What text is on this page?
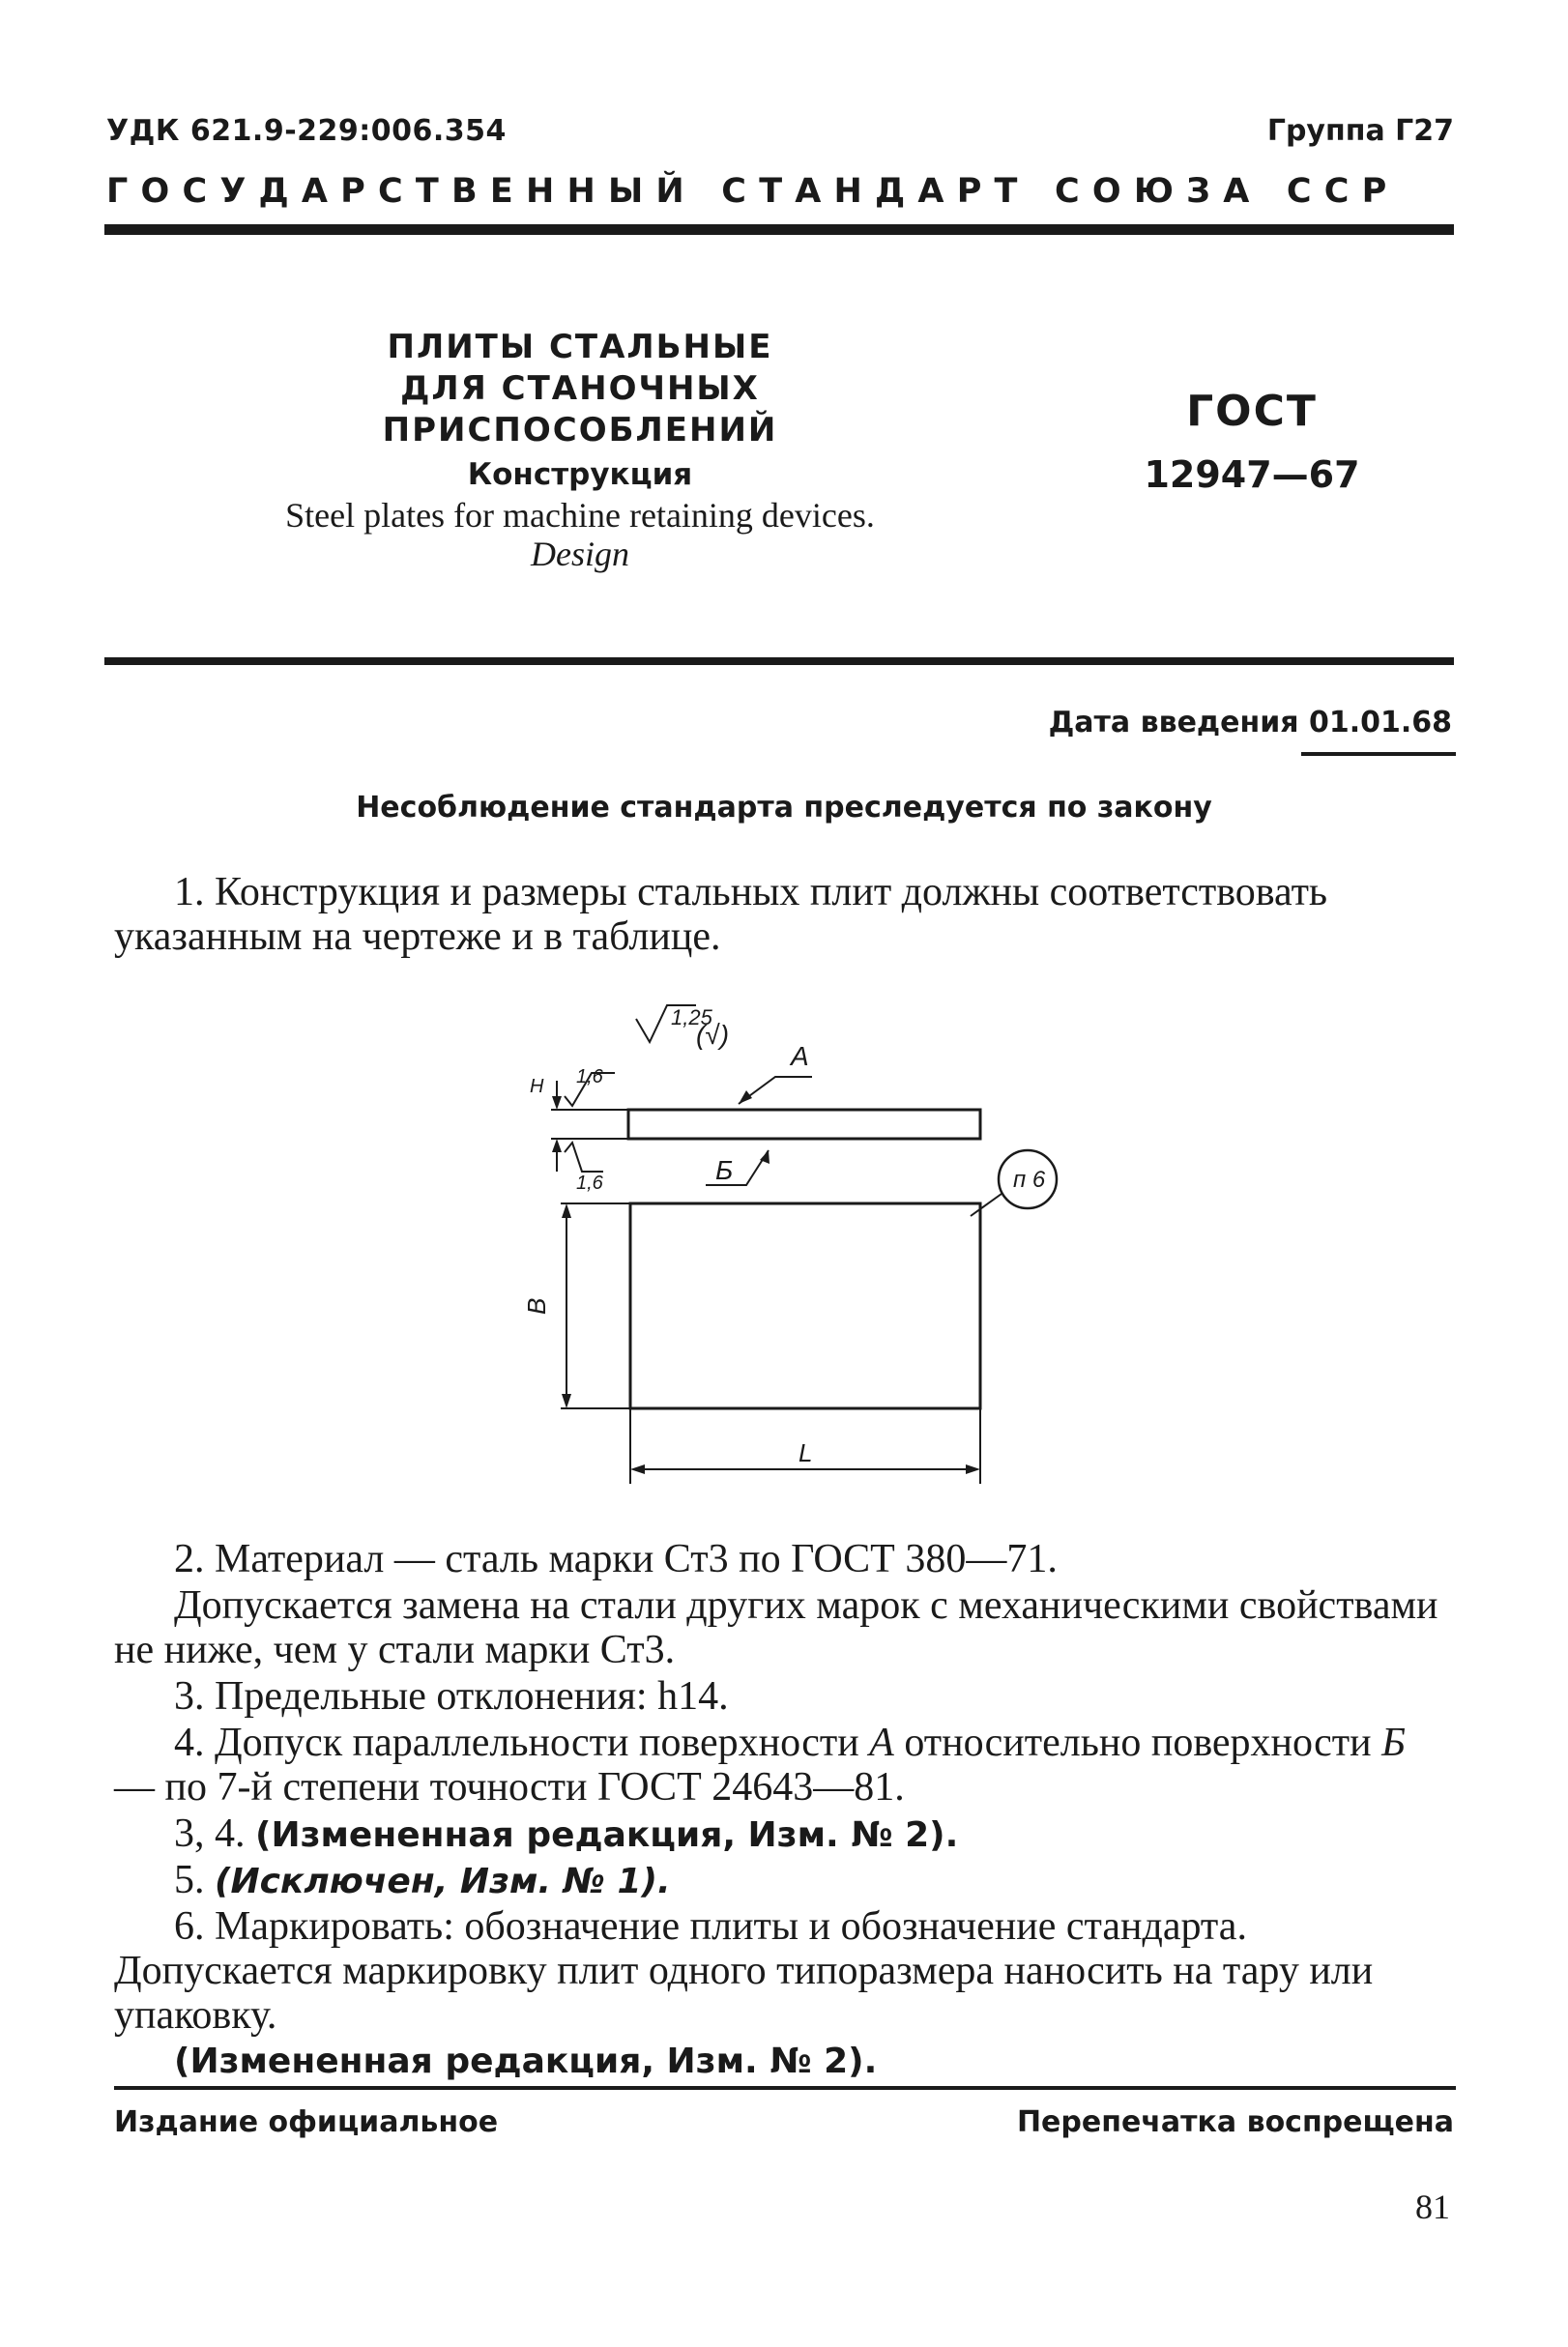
УДК 621.9-229:006.354	Группа Г27
ГОСУДАРСТВЕННЫЙ СТАНДАРТ СОЮЗА ССР
ПЛИТЫ СТАЛЬНЫЕ
ДЛЯ СТАНОЧНЫХ
ПРИСПОСОБЛЕНИЙ
Конструкция
Steel plates for machine retaining devices.
Design
ГОСТ
12947—67
Дата введения 01.01.68
Несоблюдение стандарта преследуется по закону
1. Конструкция и размеры стальных плит должны соответствовать указанным на чертеже и в таблице.
1,25
(√)
А
Б
H 1,6
1,6	п 6
В
L
2. Материал — сталь марки Ст3 по ГОСТ 380—71.
Допускается замена на стали других марок с механическими свойствами не ниже, чем у стали марки Ст3.
3. Предельные отклонения: h14.
4. Допуск параллельности поверхности А относительно поверхности Б — по 7-й степени точности ГОСТ 24643—81.
3, 4. (Измененная редакция, Изм. № 2).
5. (Исключен, Изм. № 1).
6. Маркировать: обозначение плиты и обозначение стандарта. Допускается маркировку плит одного типоразмера наносить на тару или упаковку.
(Измененная редакция, Изм. № 2).
Издание официальное	Перепечатка воспрещена
81
